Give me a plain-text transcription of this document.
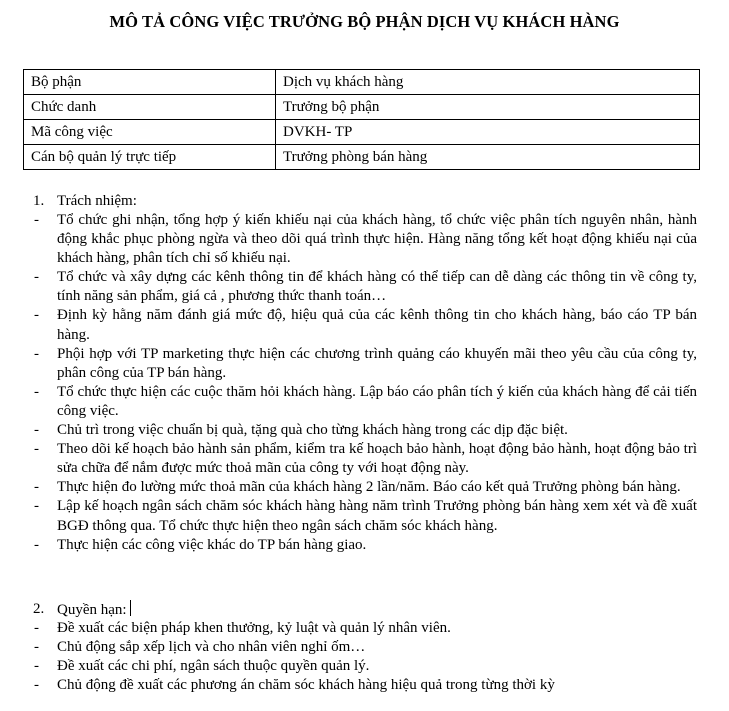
MÔ TẢ CÔNG VIỆC TRƯỞNG BỘ PHẬN DỊCH VỤ KHÁCH HÀNG
Bộ phận	Dịch vụ khách hàng
Chức danh	Trưởng bộ phận
Mã công việc	DVKH- TP
Cán bộ quản lý trực tiếp	Trưởng phòng bán hàng
1. Trách nhiệm:
- Tổ chức ghi nhận, tổng hợp ý kiến khiếu nại của khách hàng, tổ chức việc phân tích nguyên nhân, hành động khắc phục phòng ngừa và theo dõi quá trình thực hiện. Hàng năng tổng kết hoạt động khiếu nại của khách hàng, phân tích chỉ số khiếu nại.
- Tổ chức và xây dựng các kênh thông tin để khách hàng có thể tiếp can dễ dàng các thông tin về công ty, tính năng sản phẩm, giá cả , phương thức thanh toán…
- Định kỳ hằng năm đánh giá mức độ, hiệu quả của các kênh thông tin cho khách hàng, báo cáo TP bán hàng.
- Phội hợp với TP marketing thực hiện các chương trình quảng cáo khuyến mãi theo yêu cầu của công ty, phân công của TP bán hàng.
- Tổ chức thực hiện các cuộc thăm hỏi khách hàng. Lập báo cáo phân tích ý kiến của khách hàng để cải tiến công việc.
- Chủ trì trong việc chuẩn bị quà, tặng quà cho từng khách hàng trong các dịp đặc biệt.
- Theo dõi kế hoạch bảo hành sản phẩm, kiểm tra kế hoạch bảo hành, hoạt động bảo hành, hoạt động bảo trì sửa chữa để nắm được mức thoả mãn của công ty với hoạt động này.
- Thực hiện đo lường mức thoả mãn của khách hàng 2 lần/năm. Báo cáo kết quả Trưởng phòng bán hàng.
- Lập kế hoạch ngân sách chăm sóc khách hàng hàng năm trình Trưởng phòng bán hàng xem xét và đề xuất BGĐ thông qua. Tổ chức thực hiện theo ngân sách chăm sóc khách hàng.
- Thực hiện các công việc khác do TP bán hàng giao.
2. Quyền hạn:
- Đề xuất các biện pháp khen thưởng, kỷ luật và quản lý nhân viên.
- Chủ động sắp xếp lịch và cho nhân viên nghỉ ốm…
- Đề xuất các chi phí, ngân sách thuộc quyền quản lý.
- Chủ động đề xuất các phương án chăm sóc khách hàng hiệu quả trong từng thời kỳ
